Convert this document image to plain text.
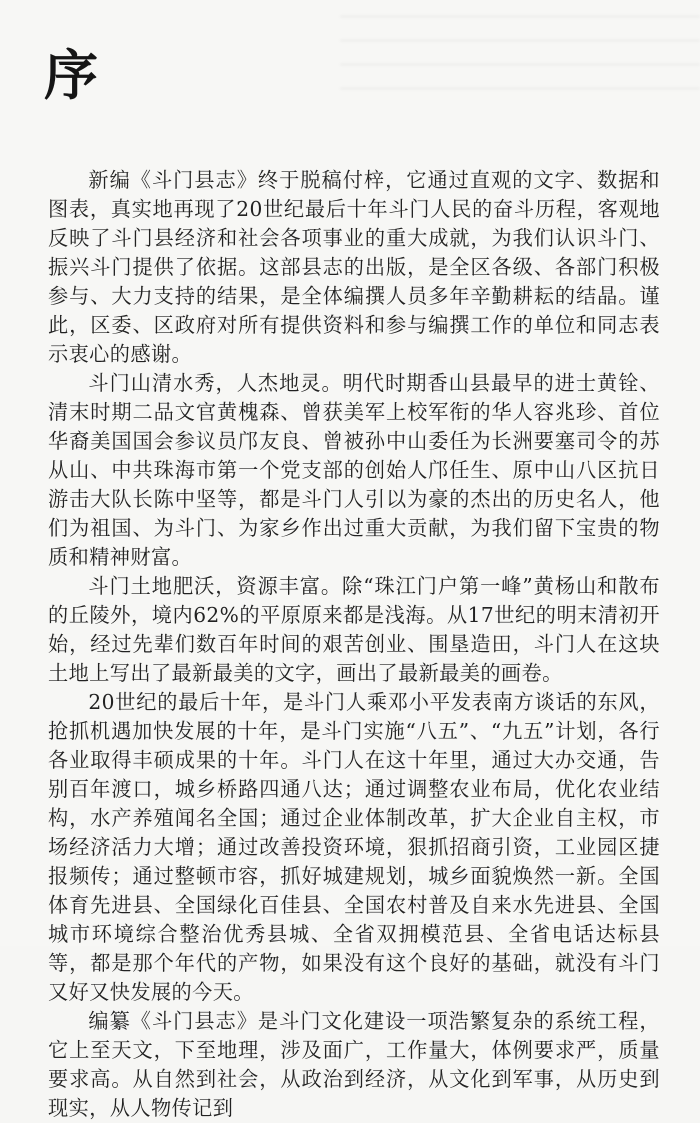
序

新编《斗门县志》终于脱稿付梓，它通过直观的文字、数据和图表，真实地再现了20世纪最后十年斗门人民的奋斗历程，客观地反映了斗门县经济和社会各项事业的重大成就，为我们认识斗门、振兴斗门提供了依据。这部县志的出版，是全区各级、各部门积极参与、大力支持的结果，是全体编撰人员多年辛勤耕耘的结晶。谨此，区委、区政府对所有提供资料和参与编撰工作的单位和同志表示衷心的感谢。

斗门山清水秀，人杰地灵。明代时期香山县最早的进士黄铨、清末时期二品文官黄槐森、曾获美军上校军衔的华人容兆珍、首位华裔美国国会参议员邝友良、曾被孙中山委任为长洲要塞司令的苏从山、中共珠海市第一个党支部的创始人邝任生、原中山八区抗日游击大队长陈中坚等，都是斗门人引以为豪的杰出的历史名人，他们为祖国、为斗门、为家乡作出过重大贡献，为我们留下宝贵的物质和精神财富。

斗门土地肥沃，资源丰富。除“珠江门户第一峰”黄杨山和散布的丘陵外，境内62%的平原原来都是浅海。从17世纪的明末清初开始，经过先辈们数百年时间的艰苦创业、围垦造田，斗门人在这块土地上写出了最新最美的文字，画出了最新最美的画卷。

20世纪的最后十年，是斗门人乘邓小平发表南方谈话的东风，抢抓机遇加快发展的十年，是斗门实施“八五”、“九五”计划，各行各业取得丰硕成果的十年。斗门人在这十年里，通过大办交通，告别百年渡口，城乡桥路四通八达；通过调整农业布局，优化农业结构，水产养殖闻名全国；通过企业体制改革，扩大企业自主权，市场经济活力大增；通过改善投资环境，狠抓招商引资，工业园区捷报频传；通过整顿市容，抓好城建规划，城乡面貌焕然一新。全国体育先进县、全国绿化百佳县、全国农村普及自来水先进县、全国城市环境综合整治优秀县城、全省双拥模范县、全省电话达标县等，都是那个年代的产物，如果没有这个良好的基础，就没有斗门又好又快发展的今天。

编纂《斗门县志》是斗门文化建设一项浩繁复杂的系统工程，它上至天文，下至地理，涉及面广，工作量大，体例要求严，质量要求高。从自然到社会，从政治到经济，从文化到军事，从历史到现实，从人物传记到
